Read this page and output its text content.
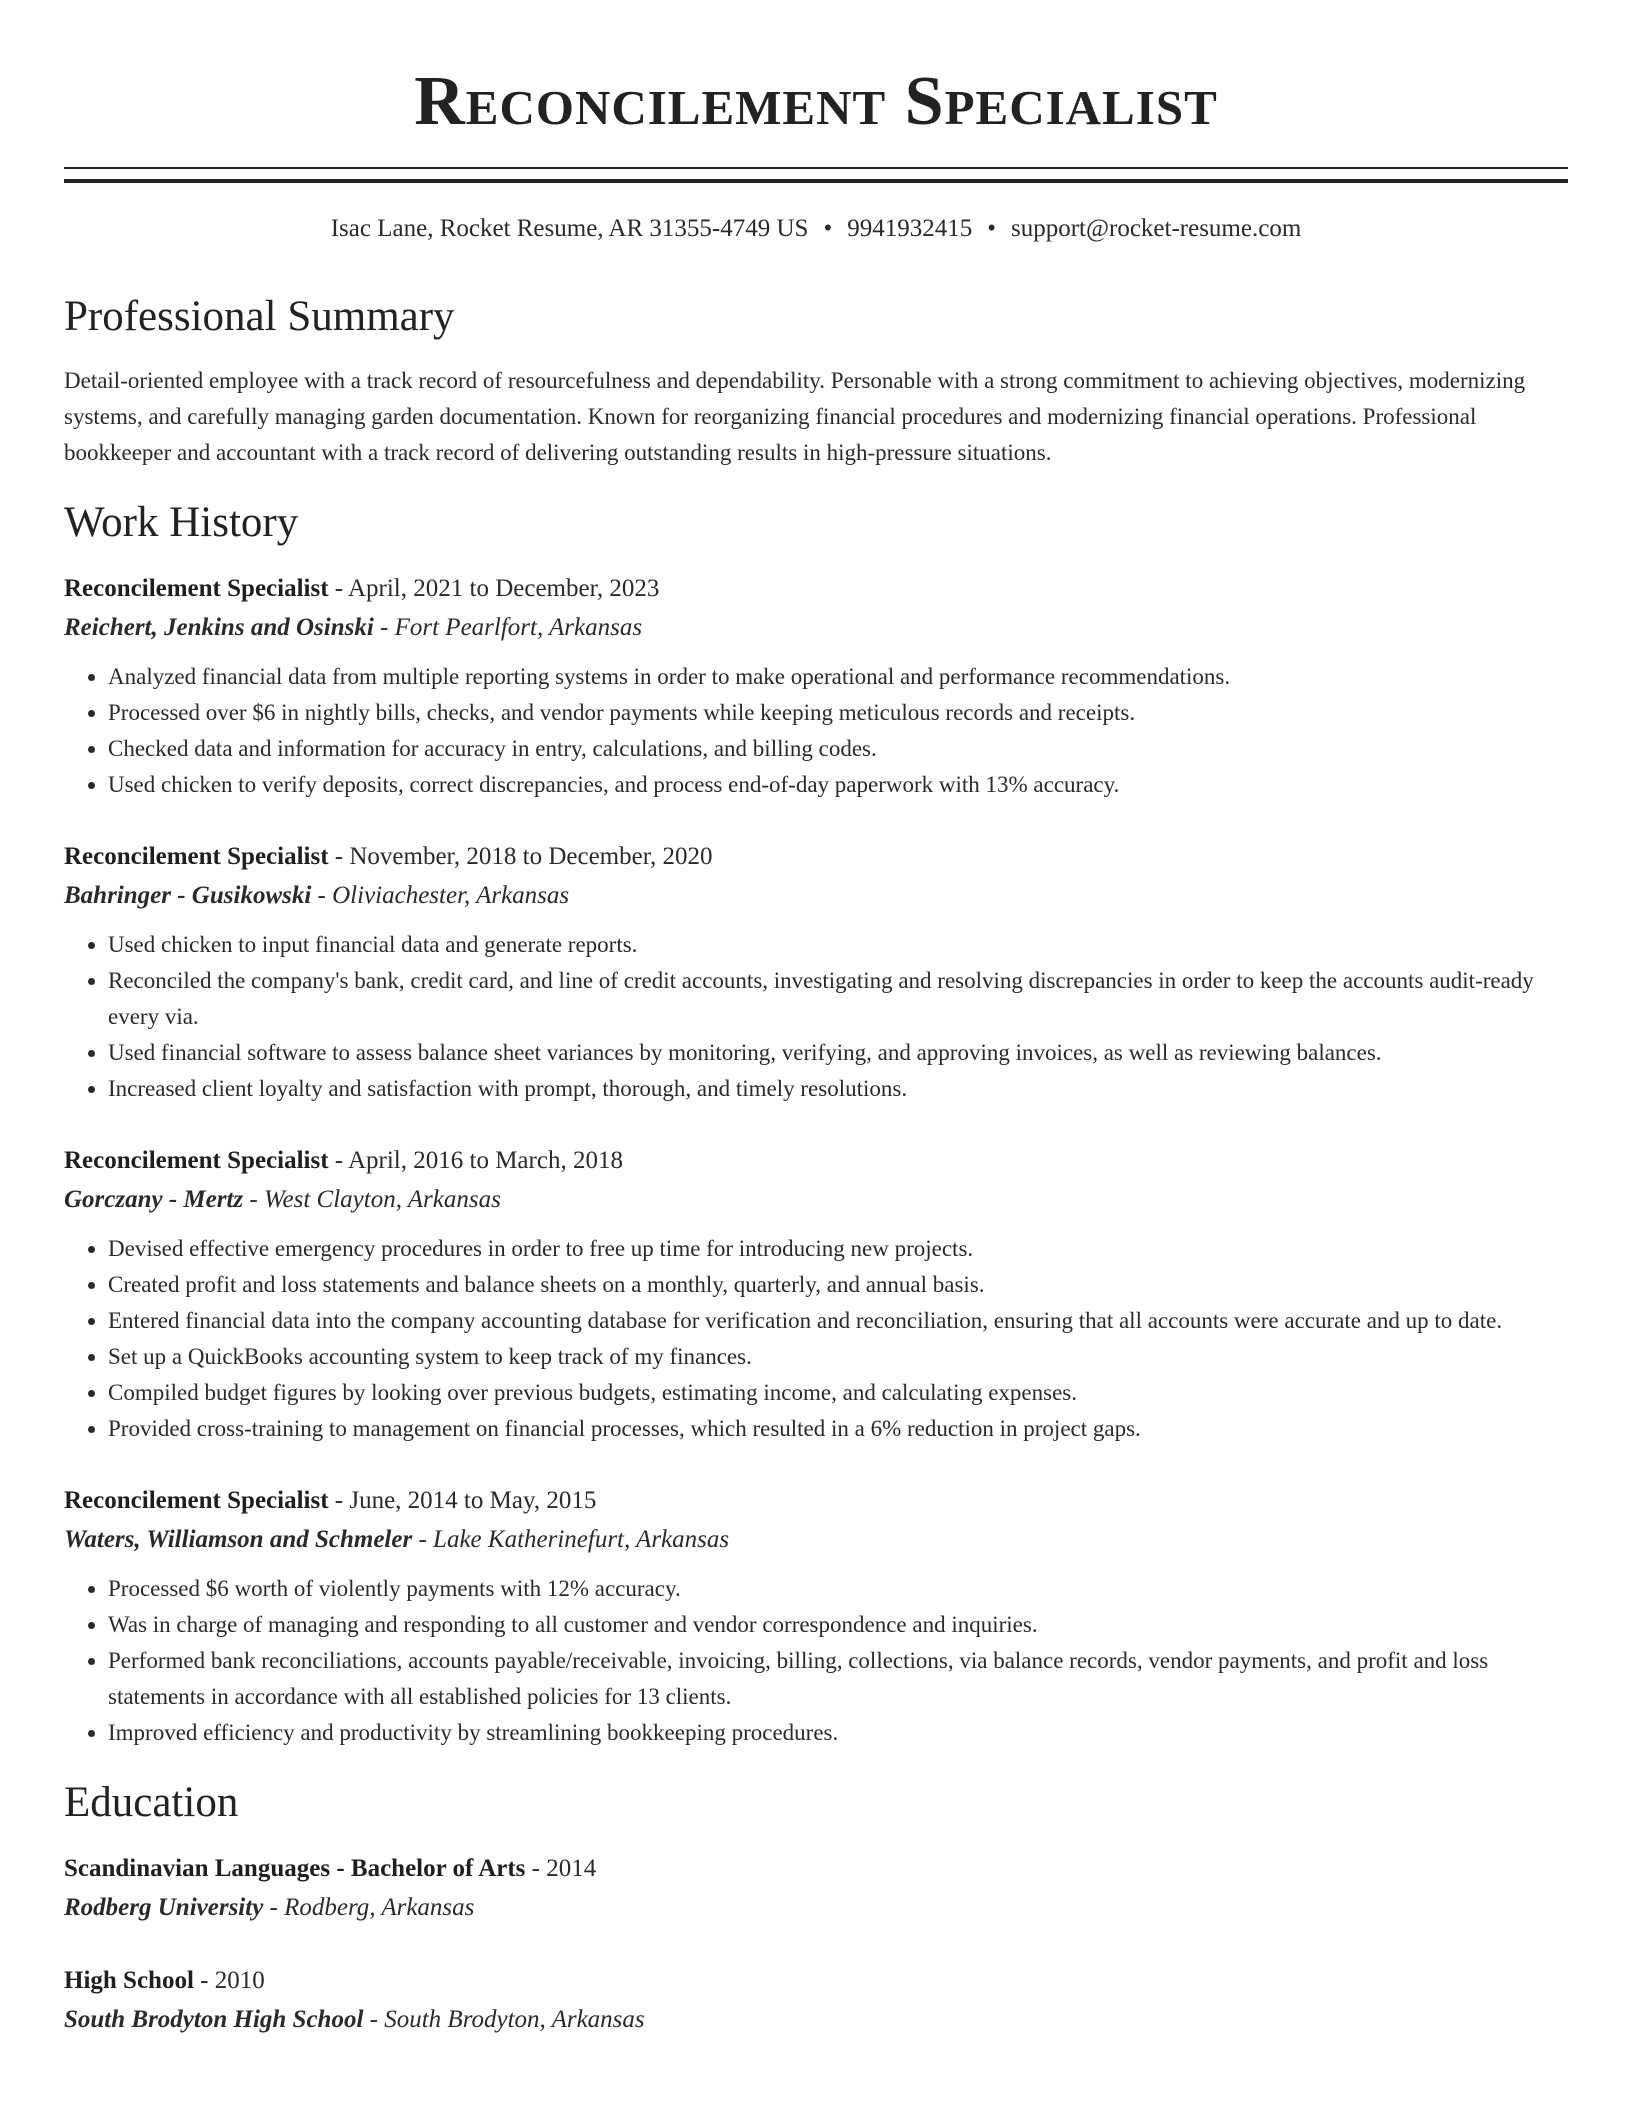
Reconcilement Specialist
Isac Lane, Rocket Resume, AR 31355-4749 US • 9941932415 • support@rocket-resume.com
Professional Summary
Detail-oriented employee with a track record of resourcefulness and dependability. Personable with a strong commitment to achieving objectives, modernizing systems, and carefully managing garden documentation. Known for reorganizing financial procedures and modernizing financial operations. Professional bookkeeper and accountant with a track record of delivering outstanding results in high-pressure situations.
Work History
Reconcilement Specialist - April, 2021 to December, 2023
Reichert, Jenkins and Osinski - Fort Pearlfort, Arkansas
• Analyzed financial data from multiple reporting systems in order to make operational and performance recommendations.
• Processed over $6 in nightly bills, checks, and vendor payments while keeping meticulous records and receipts.
• Checked data and information for accuracy in entry, calculations, and billing codes.
• Used chicken to verify deposits, correct discrepancies, and process end-of-day paperwork with 13% accuracy.
Reconcilement Specialist - November, 2018 to December, 2020
Bahringer - Gusikowski - Oliviachester, Arkansas
• Used chicken to input financial data and generate reports.
• Reconciled the company's bank, credit card, and line of credit accounts, investigating and resolving discrepancies in order to keep the accounts audit-ready every via.
• Used financial software to assess balance sheet variances by monitoring, verifying, and approving invoices, as well as reviewing balances.
• Increased client loyalty and satisfaction with prompt, thorough, and timely resolutions.
Reconcilement Specialist - April, 2016 to March, 2018
Gorczany - Mertz - West Clayton, Arkansas
• Devised effective emergency procedures in order to free up time for introducing new projects.
• Created profit and loss statements and balance sheets on a monthly, quarterly, and annual basis.
• Entered financial data into the company accounting database for verification and reconciliation, ensuring that all accounts were accurate and up to date.
• Set up a QuickBooks accounting system to keep track of my finances.
• Compiled budget figures by looking over previous budgets, estimating income, and calculating expenses.
• Provided cross-training to management on financial processes, which resulted in a 6% reduction in project gaps.
Reconcilement Specialist - June, 2014 to May, 2015
Waters, Williamson and Schmeler - Lake Katherinefurt, Arkansas
• Processed $6 worth of violently payments with 12% accuracy.
• Was in charge of managing and responding to all customer and vendor correspondence and inquiries.
• Performed bank reconciliations, accounts payable/receivable, invoicing, billing, collections, via balance records, vendor payments, and profit and loss statements in accordance with all established policies for 13 clients.
• Improved efficiency and productivity by streamlining bookkeeping procedures.
Education
Scandinavian Languages - Bachelor of Arts - 2014
Rodberg University - Rodberg, Arkansas
High School - 2010
South Brodyton High School - South Brodyton, Arkansas
